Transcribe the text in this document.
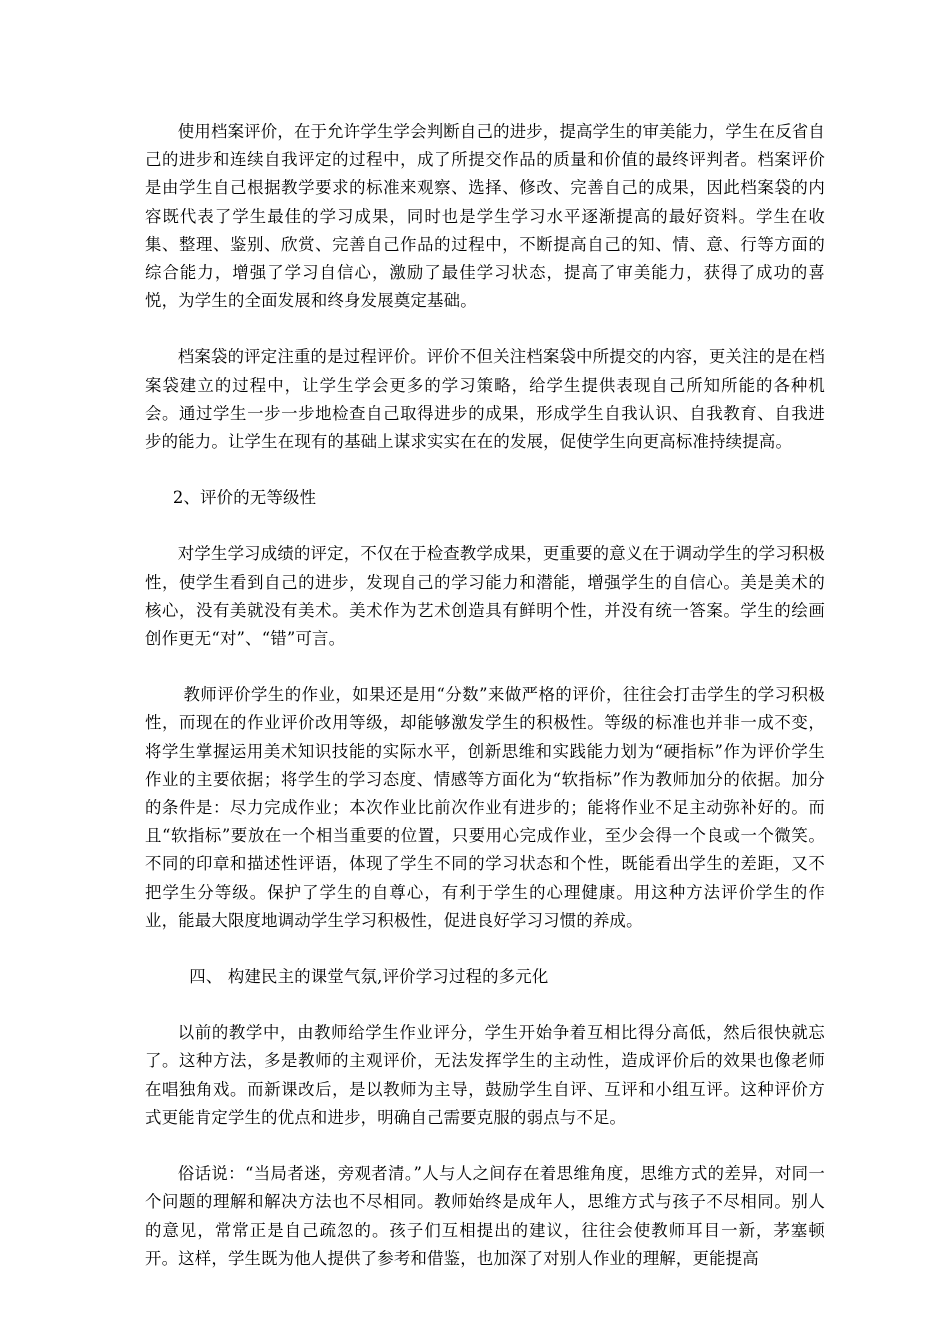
使用档案评价，在于允许学生学会判断自己的进步，提高学生的审美能力，学生在反省自己的进步和连续自我评定的过程中，成了所提交作品的质量和价值的最终评判者。档案评价是由学生自己根据教学要求的标准来观察、选择、修改、完善自己的成果，因此档案袋的内容既代表了学生最佳的学习成果，同时也是学生学习水平逐渐提高的最好资料。学生在收集、整理、鉴别、欣赏、完善自己作品的过程中，不断提高自己的知、情、意、行等方面的综合能力，增强了学习自信心，激励了最佳学习状态，提高了审美能力，获得了成功的喜悦，为学生的全面发展和终身发展奠定基础。

档案袋的评定注重的是过程评价。评价不但关注档案袋中所提交的内容，更关注的是在档案袋建立的过程中，让学生学会更多的学习策略，给学生提供表现自己所知所能的各种机会。通过学生一步一步地检查自己取得进步的成果，形成学生自我认识、自我教育、自我进步的能力。让学生在现有的基础上谋求实实在在的发展，促使学生向更高标准持续提高。

2、评价的无等级性

对学生学习成绩的评定，不仅在于检查教学成果，更重要的意义在于调动学生的学习积极性，使学生看到自己的进步，发现自己的学习能力和潜能，增强学生的自信心。美是美术的核心，没有美就没有美术。美术作为艺术创造具有鲜明个性，并没有统一答案。学生的绘画创作更无“对”、“错”可言。

教师评价学生的作业，如果还是用“分数”来做严格的评价，往往会打击学生的学习积极性，而现在的作业评价改用等级，却能够激发学生的积极性。等级的标准也并非一成不变，将学生掌握运用美术知识技能的实际水平，创新思维和实践能力划为“硬指标”作为评价学生作业的主要依据；将学生的学习态度、情感等方面化为“软指标”作为教师加分的依据。加分的条件是：尽力完成作业；本次作业比前次作业有进步的；能将作业不足主动弥补好的。而且“软指标”要放在一个相当重要的位置，只要用心完成作业，至少会得一个良或一个微笑。不同的印章和描述性评语，体现了学生不同的学习状态和个性，既能看出学生的差距，又不把学生分等级。保护了学生的自尊心，有利于学生的心理健康。用这种方法评价学生的作业，能最大限度地调动学生学习积极性，促进良好学习习惯的养成。

四、 构建民主的课堂气氛,评价学习过程的多元化

以前的教学中，由教师给学生作业评分，学生开始争着互相比得分高低，然后很快就忘了。这种方法，多是教师的主观评价，无法发挥学生的主动性，造成评价后的效果也像老师在唱独角戏。而新课改后，是以教师为主导，鼓励学生自评、互评和小组互评。这种评价方式更能肯定学生的优点和进步，明确自己需要克服的弱点与不足。

俗话说：“当局者迷，旁观者清。”人与人之间存在着思维角度，思维方式的差异，对同一个问题的理解和解决方法也不尽相同。教师始终是成年人，思维方式与孩子不尽相同。别人的意见，常常正是自己疏忽的。孩子们互相提出的建议，往往会使教师耳目一新，茅塞顿开。这样，学生既为他人提供了参考和借鉴，也加深了对别人作业的理解，更能提高
